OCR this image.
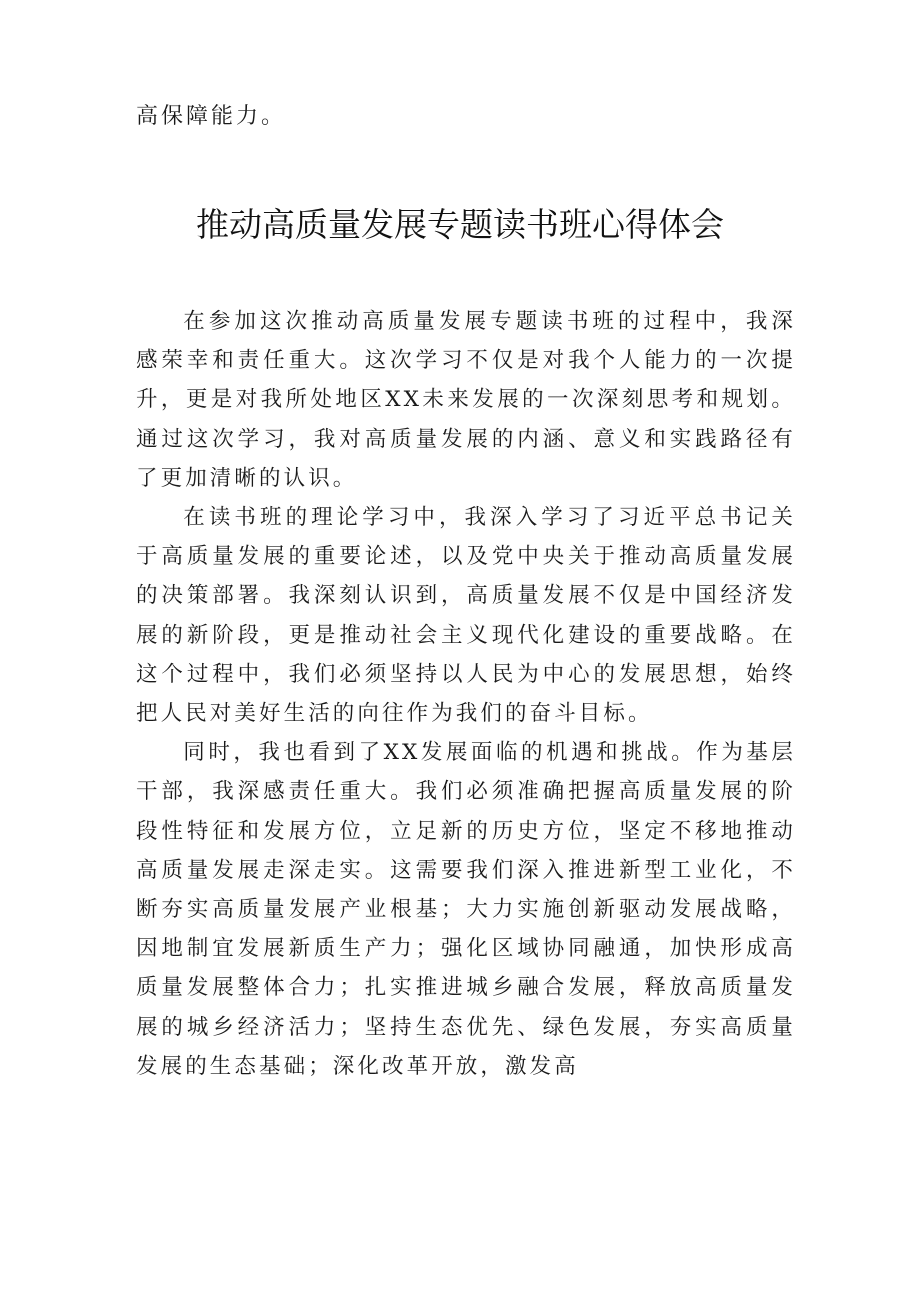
高保障能力。

推动高质量发展专题读书班心得体会

在参加这次推动高质量发展专题读书班的过程中，我深感荣幸和责任重大。这次学习不仅是对我个人能力的一次提升，更是对我所处地区XX未来发展的一次深刻思考和规划。通过这次学习，我对高质量发展的内涵、意义和实践路径有了更加清晰的认识。

在读书班的理论学习中，我深入学习了习近平总书记关于高质量发展的重要论述，以及党中央关于推动高质量发展的决策部署。我深刻认识到，高质量发展不仅是中国经济发展的新阶段，更是推动社会主义现代化建设的重要战略。在这个过程中，我们必须坚持以人民为中心的发展思想，始终把人民对美好生活的向往作为我们的奋斗目标。

同时，我也看到了XX发展面临的机遇和挑战。作为基层干部，我深感责任重大。我们必须准确把握高质量发展的阶段性特征和发展方位，立足新的历史方位，坚定不移地推动高质量发展走深走实。这需要我们深入推进新型工业化，不断夯实高质量发展产业根基；大力实施创新驱动发展战略，因地制宜发展新质生产力；强化区域协同融通，加快形成高质量发展整体合力；扎实推进城乡融合发展，释放高质量发展的城乡经济活力；坚持生态优先、绿色发展，夯实高质量发展的生态基础；深化改革开放，激发高
